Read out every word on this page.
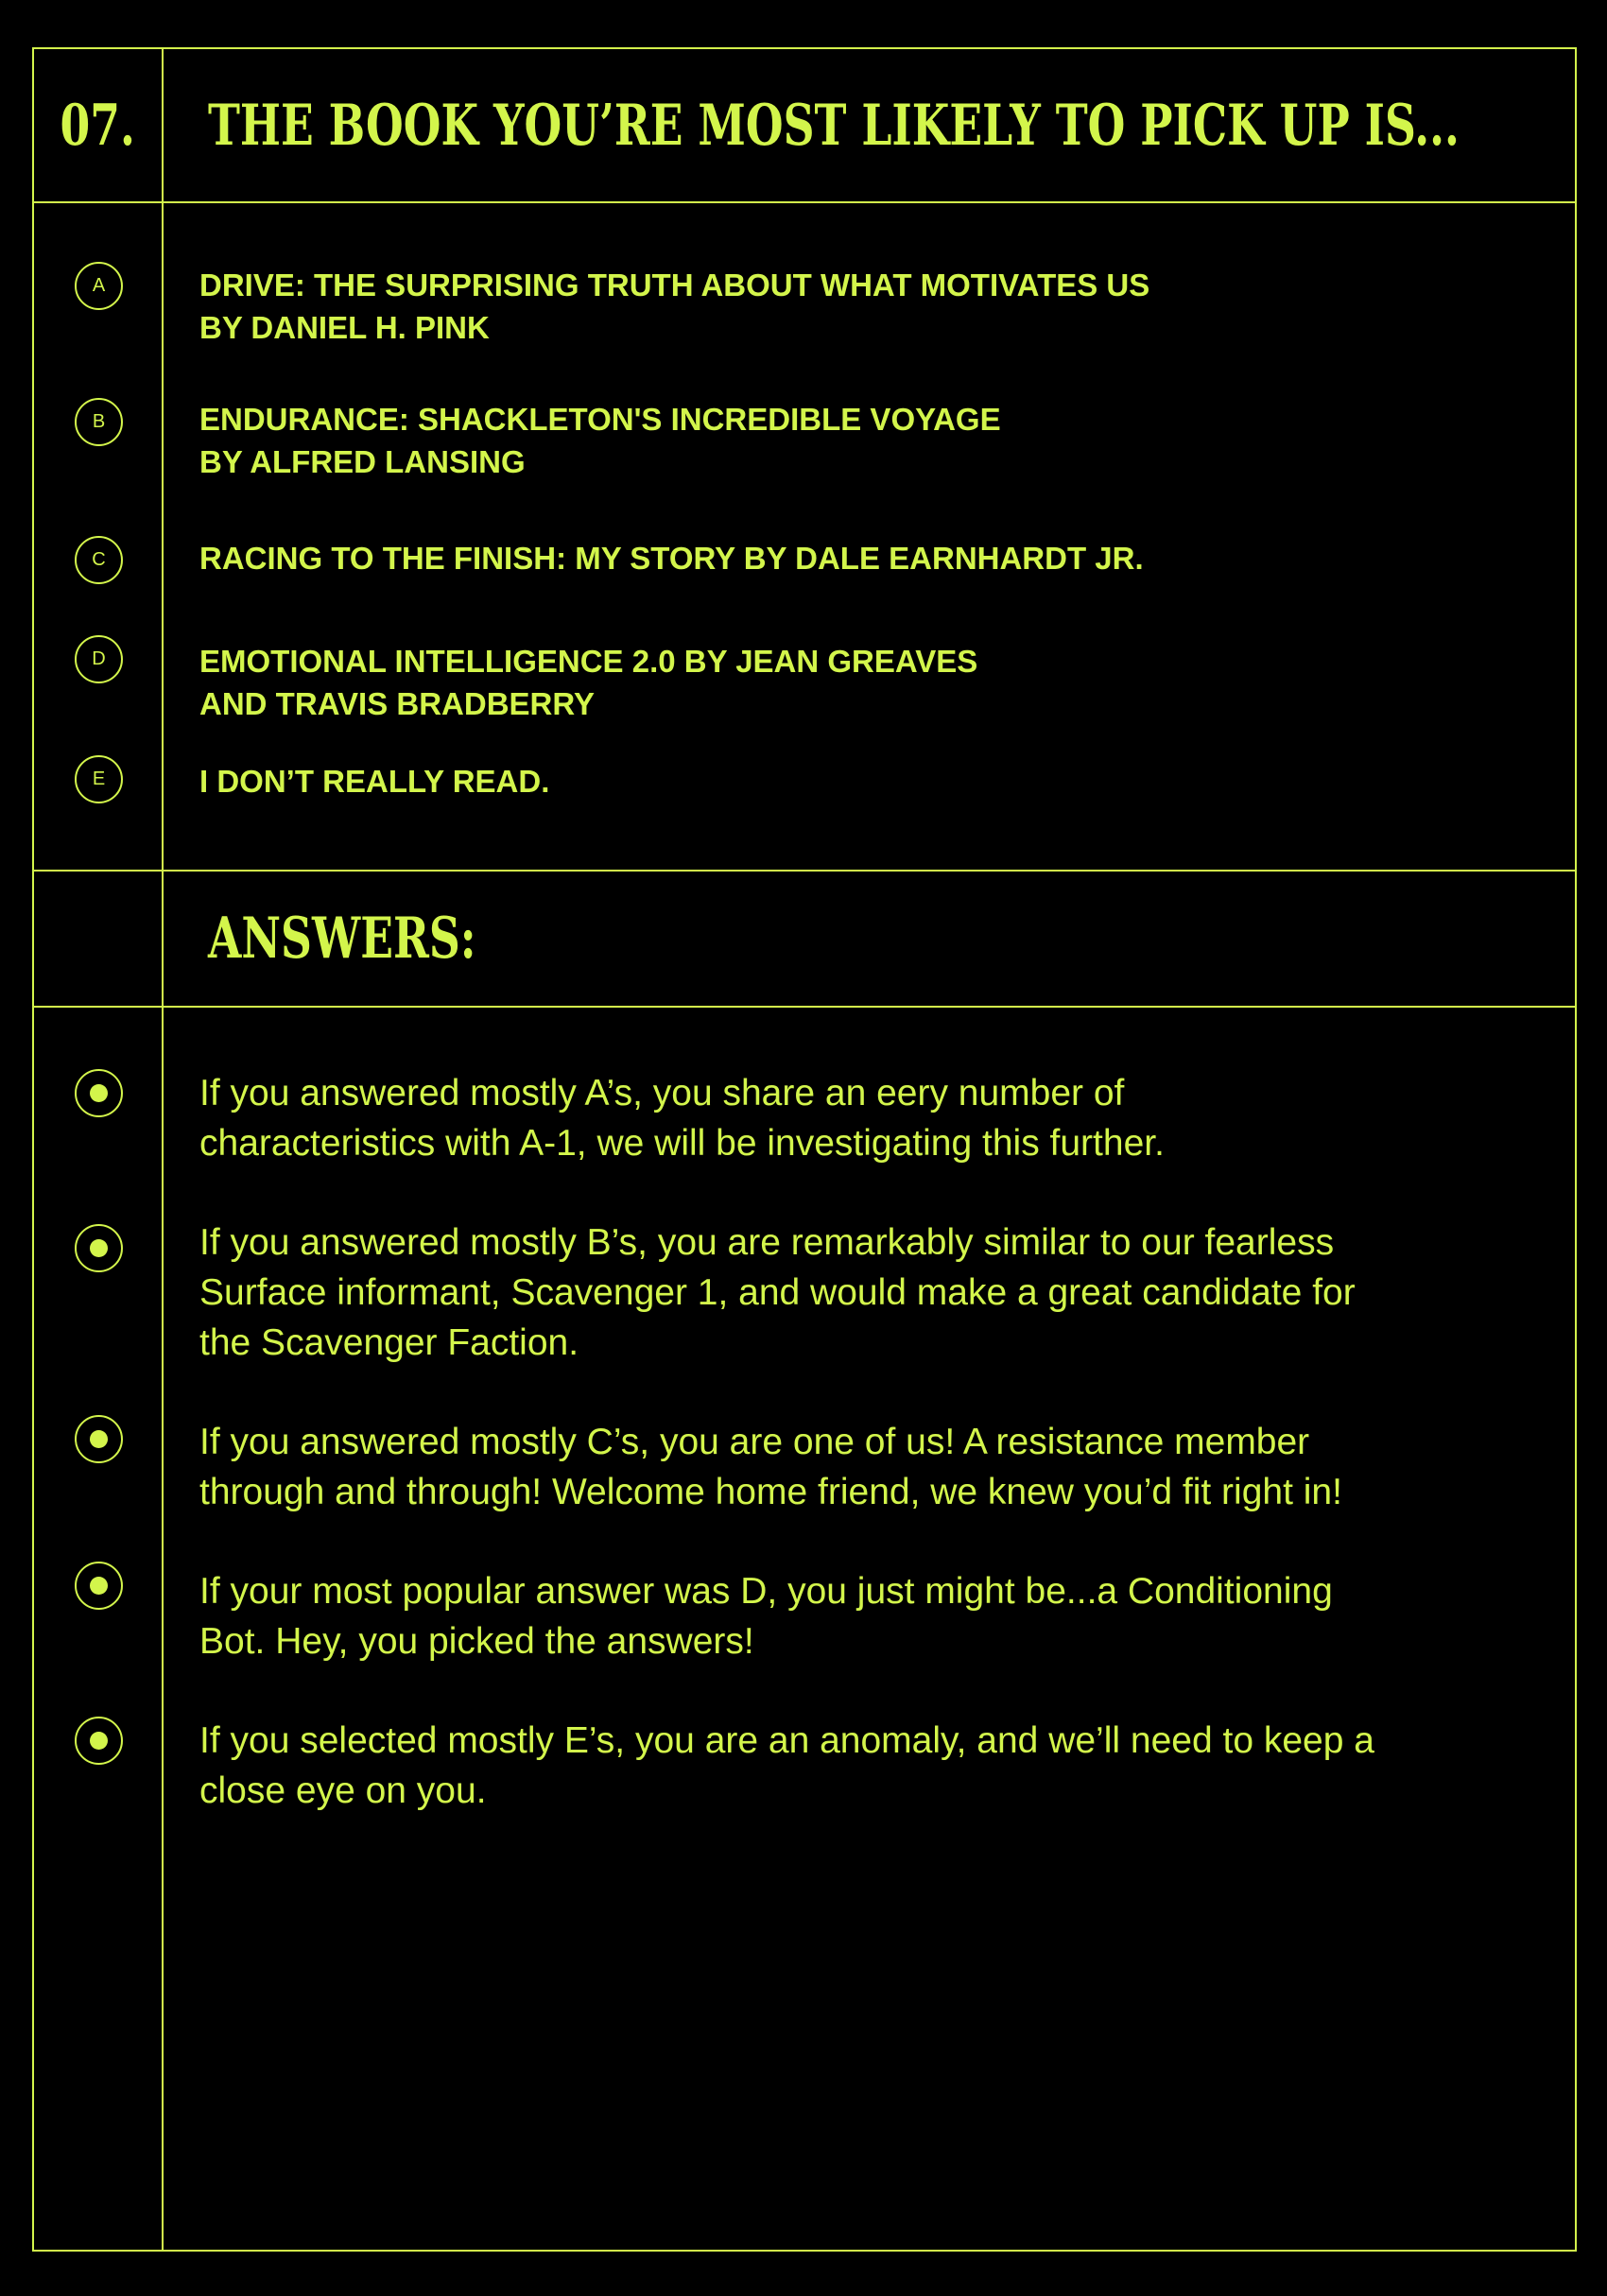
07. THE BOOK YOU’RE MOST LIKELY TO PICK UP IS...
A	DRIVE: THE SURPRISING TRUTH ABOUT WHAT MOTIVATES US
BY DANIEL H. PINK
B	ENDURANCE: SHACKLETON'S INCREDIBLE VOYAGE
BY ALFRED LANSING
C	RACING TO THE FINISH: MY STORY BY DALE EARNHARDT JR.
D	EMOTIONAL INTELLIGENCE 2.0 BY JEAN GREAVES
AND TRAVIS BRADBERRY
E	I DON’T REALLY READ.
ANSWERS:
If you answered mostly A’s, you share an eery number of
characteristics with A-1, we will be investigating this further.
If you answered mostly B’s, you are remarkably similar to our fearless
Surface informant, Scavenger 1, and would make a great candidate for
the Scavenger Faction.
If you answered mostly C’s, you are one of us! A resistance member
through and through! Welcome home friend, we knew you’d fit right in!
If your most popular answer was D, you just might be...a Conditioning
Bot. Hey, you picked the answers!
If you selected mostly E’s, you are an anomaly, and we’ll need to keep a
close eye on you.
